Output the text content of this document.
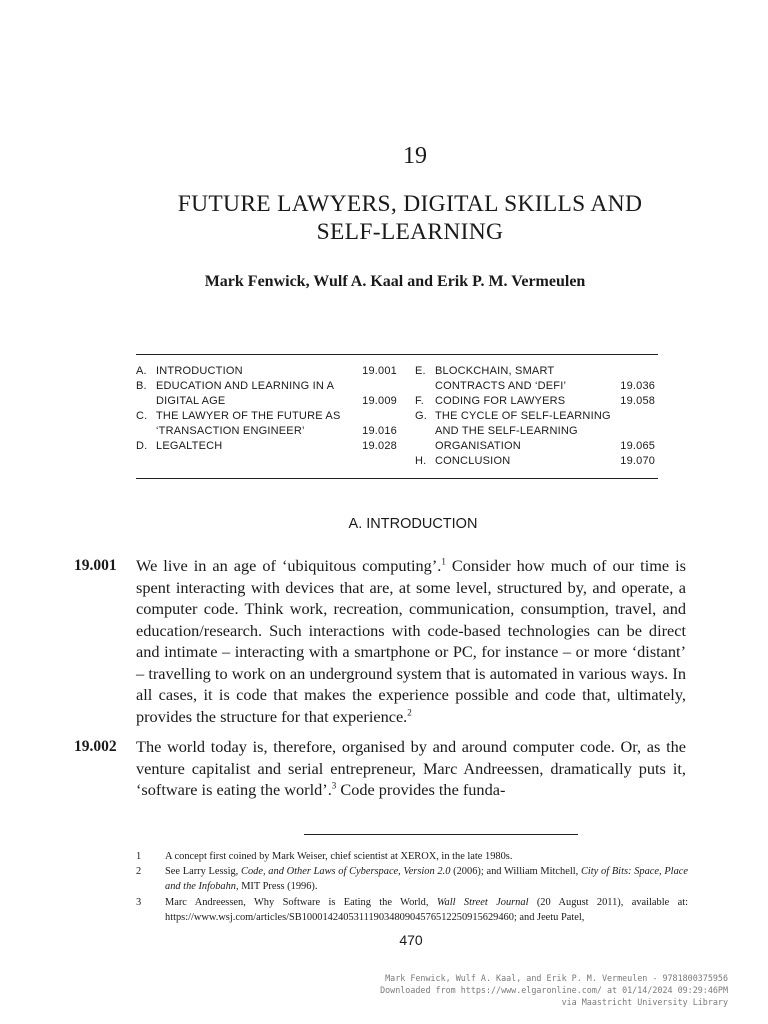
19
FUTURE LAWYERS, DIGITAL SKILLS AND
SELF-LEARNING
Mark Fenwick, Wulf A. Kaal and Erik P. M. Vermeulen
A. INTRODUCTION	19.001
B. EDUCATION AND LEARNING IN A DIGITAL AGE	19.009
C. THE LAWYER OF THE FUTURE AS ‘TRANSACTION ENGINEER’	19.016
D. LEGALTECH	19.028
E. BLOCKCHAIN, SMART CONTRACTS AND ‘DEFI’	19.036
F.	CODING FOR LAWYERS	19.058
G. THE CYCLE OF SELF-LEARNING AND THE SELF-LEARNING ORGANISATION	19.065
H. CONCLUSION	19.070
A. INTRODUCTION
19.001	We live in an age of ‘ubiquitous computing’.$^1$ Consider how much of our time is spent interacting with devices that are, at some level, structured by, and operate, a computer code. Think work, recreation, communication, consumption, travel, and education/research. Such interactions with code-based technologies can be direct and intimate – interacting with a smartphone or PC, for instance – or more ‘distant’ – travelling to work on an underground system that is automated in various ways. In all cases, it is code that makes the experience possible and code that, ultimately, provides the structure for that experience.$^2$
19.002	The world today is, therefore, organised by and around computer code. Or, as the venture capitalist and serial entrepreneur, Marc Andreessen, dramatically puts it, ‘software is eating the world’.$^3$ Code provides the funda-
1	A concept first coined by Mark Weiser, chief scientist at XEROX, in the late 1980s.
2	See Larry Lessig, Code, and Other Laws of Cyberspace, Version 2.0 (2006); and William Mitchell, City of Bits: Space, Place and the Infobahn, MIT Press (1996).
3	Marc Andreessen, Why Software is Eating the World, Wall Street Journal (20 August 2011), available at: https://www.wsj.com/articles/SB10001424053111903480904576512250915629460; and Jeetu Patel,
470
Mark Fenwick, Wulf A. Kaal, and Erik P. M. Vermeulen - 9781800375956
Downloaded from https://www.elgaronline.com/ at 01/14/2024 09:29:46PM
via Maastricht University Library
